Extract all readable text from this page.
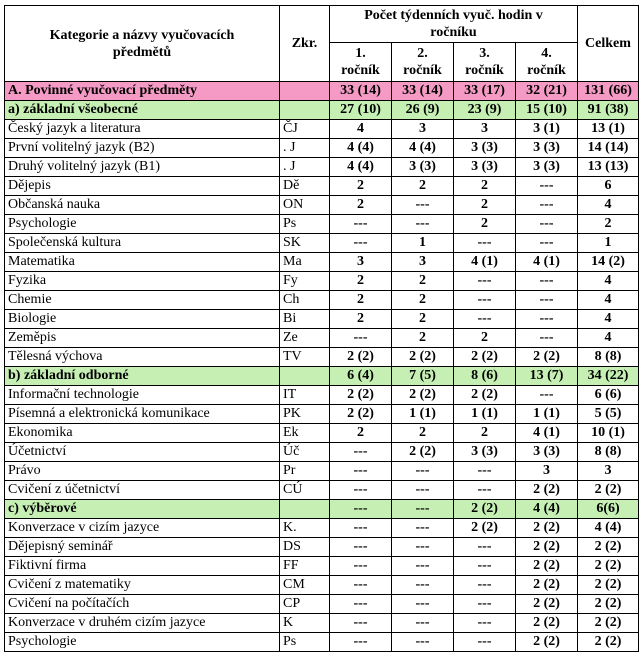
Kategorie a názvy vyučovacích předmětů	Zkr.	Počet týdenních vyuč. hodin v ročníku				Celkem
		1. ročník	2. ročník	3. ročník	4. ročník	
A. Povinné vyučovací předměty		33 (14)	33 (14)	33 (17)	32 (21)	131 (66)
a) základní všeobecné		27 (10)	26 (9)	23 (9)	15 (10)	91 (38)
Český jazyk a literatura	ČJ	4	3	3	3 (1)	13 (1)
První volitelný jazyk (B2)	. J	4 (4)	4 (4)	3 (3)	3 (3)	14 (14)
Druhý volitelný jazyk (B1)	. J	4 (4)	3 (3)	3 (3)	3 (3)	13 (13)
Dějepis	Dě	2	2	2	---	6
Občanská nauka	ON	2	---	2	---	4
Psychologie	Ps	---	---	2	---	2
Společenská kultura	SK	---	1	---	---	1
Matematika	Ma	3	3	4 (1)	4 (1)	14 (2)
Fyzika	Fy	2	2	---	---	4
Chemie	Ch	2	2	---	---	4
Biologie	Bi	2	2	---	---	4
Zeměpis	Ze	---	2	2	---	4
Tělesná výchova	TV	2 (2)	2 (2)	2 (2)	2 (2)	8 (8)
b) základní odborné		6 (4)	7 (5)	8 (6)	13 (7)	34 (22)
Informační technologie	IT	2 (2)	2 (2)	2 (2)	---	6 (6)
Písemná a elektronická komunikace	PK	2 (2)	1 (1)	1 (1)	1 (1)	5 (5)
Ekonomika	Ek	2	2	2	4 (1)	10 (1)
Účetnictví	Úč	---	2 (2)	3 (3)	3 (3)	8 (8)
Právo	Pr	---	---	---	3	3
Cvičení z účetnictví	CÚ	---	---	---	2 (2)	2 (2)
c) výběrové		---	---	2 (2)	4 (4)	6(6)
Konverzace v cizím jazyce	K.	---	---	2 (2)	2 (2)	4 (4)
Dějepisný seminář	DS	---	---	---	2 (2)	2 (2)
Fiktivní firma	FF	---	---	---	2 (2)	2 (2)
Cvičení z matematiky	CM	---	---	---	2 (2)	2 (2)
Cvičení na počítačích	CP	---	---	---	2 (2)	2 (2)
Konverzace v druhém cizím jazyce	K	---	---	---	2 (2)	2 (2)
Psychologie	Ps	---	---	---	2 (2)	2 (2)
